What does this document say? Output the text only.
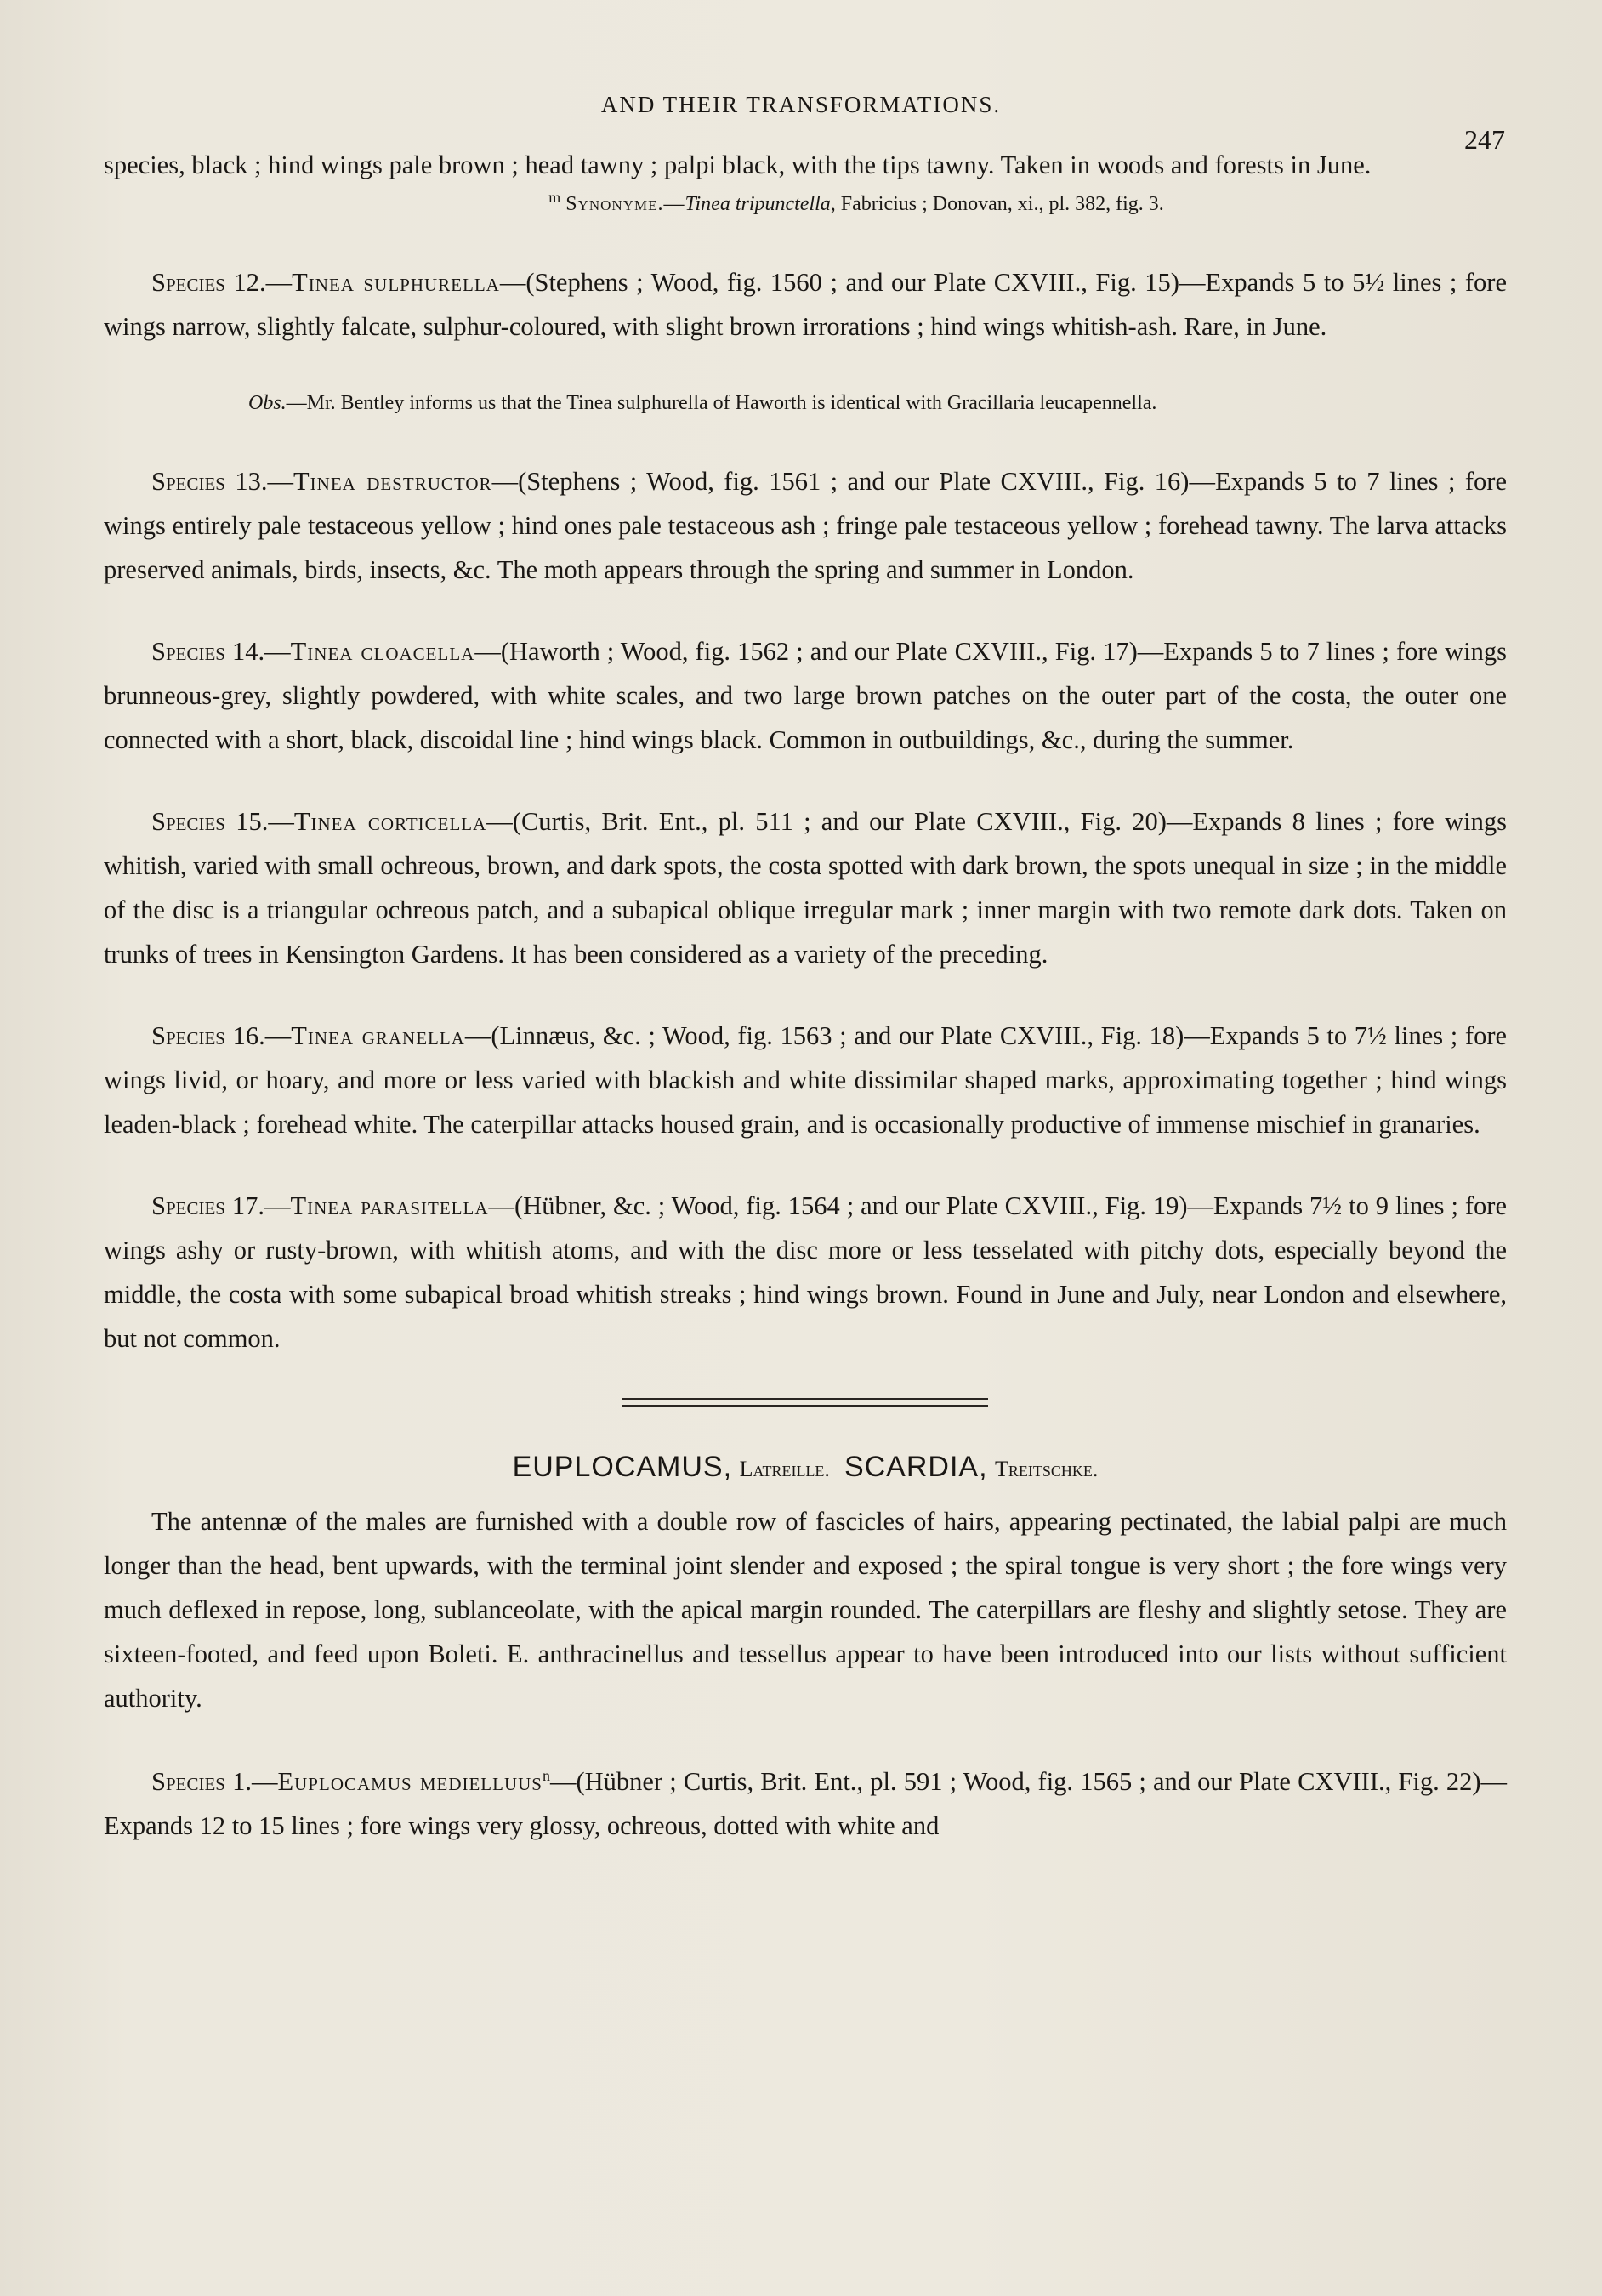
AND THEIR TRANSFORMATIONS.
247

species, black ; hind wings pale brown ; head tawny ; palpi black, with the tips tawny. Taken in woods and forests in June.

$^m$ Synonyme.—Tinea tripunctella, Fabricius ; Donovan, xi., pl. 382, fig. 3.

Species 12.—Tinea sulphurella—(Stephens ; Wood, fig. 1560 ; and our Plate CXVIII., Fig. 15)—Expands 5 to 5½ lines ; fore wings narrow, slightly falcate, sulphur-coloured, with slight brown irrorations ; hind wings whitish-ash. Rare, in June.

Obs.—Mr. Bentley informs us that the Tinea sulphurella of Haworth is identical with Gracillaria leucapennella.

Species 13.—Tinea destructor—(Stephens ; Wood, fig. 1561 ; and our Plate CXVIII., Fig. 16)—Expands 5 to 7 lines ; fore wings entirely pale testaceous yellow ; hind ones pale testaceous ash ; fringe pale testaceous yellow ; forehead tawny. The larva attacks preserved animals, birds, insects, &c. The moth appears through the spring and summer in London.

Species 14.—Tinea cloacella—(Haworth ; Wood, fig. 1562 ; and our Plate CXVIII., Fig. 17)—Expands 5 to 7 lines ; fore wings brunneous-grey, slightly powdered, with white scales, and two large brown patches on the outer part of the costa, the outer one connected with a short, black, discoidal line ; hind wings black. Common in outbuildings, &c., during the summer.

Species 15.—Tinea corticella—(Curtis, Brit. Ent., pl. 511 ; and our Plate CXVIII., Fig. 20)—Expands 8 lines ; fore wings whitish, varied with small ochreous, brown, and dark spots, the costa spotted with dark brown, the spots unequal in size ; in the middle of the disc is a triangular ochreous patch, and a subapical oblique irregular mark ; inner margin with two remote dark dots. Taken on trunks of trees in Kensington Gardens. It has been considered as a variety of the preceding.

Species 16.—Tinea granella—(Linnæus, &c. ; Wood, fig. 1563 ; and our Plate CXVIII., Fig. 18)—Expands 5 to 7½ lines ; fore wings livid, or hoary, and more or less varied with blackish and white dissimilar shaped marks, approximating together ; hind wings leaden-black ; forehead white. The caterpillar attacks housed grain, and is occasionally productive of immense mischief in granaries.

Species 17.—Tinea parasitella—(Hübner, &c. ; Wood, fig. 1564 ; and our Plate CXVIII., Fig. 19)—Expands 7½ to 9 lines ; fore wings ashy or rusty-brown, with whitish atoms, and with the disc more or less tesselated with pitchy dots, especially beyond the middle, the costa with some subapical broad whitish streaks ; hind wings brown. Found in June and July, near London and elsewhere, but not common.

EUPLOCAMUS, Latreille. SCARDIA, Treitschke.

The antennæ of the males are furnished with a double row of fascicles of hairs, appearing pectinated, the labial palpi are much longer than the head, bent upwards, with the terminal joint slender and exposed ; the spiral tongue is very short ; the fore wings very much deflexed in repose, long, sublanceolate, with the apical margin rounded. The caterpillars are fleshy and slightly setose. They are sixteen-footed, and feed upon Boleti. E. anthracinellus and tessellus appear to have been introduced into our lists without sufficient authority.

Species 1.—Euplocamus medielluus$^n$—(Hübner ; Curtis, Brit. Ent., pl. 591 ; Wood, fig. 1565 ; and our Plate CXVIII., Fig. 22)—Expands 12 to 15 lines ; fore wings very glossy, ochreous, dotted with white and
